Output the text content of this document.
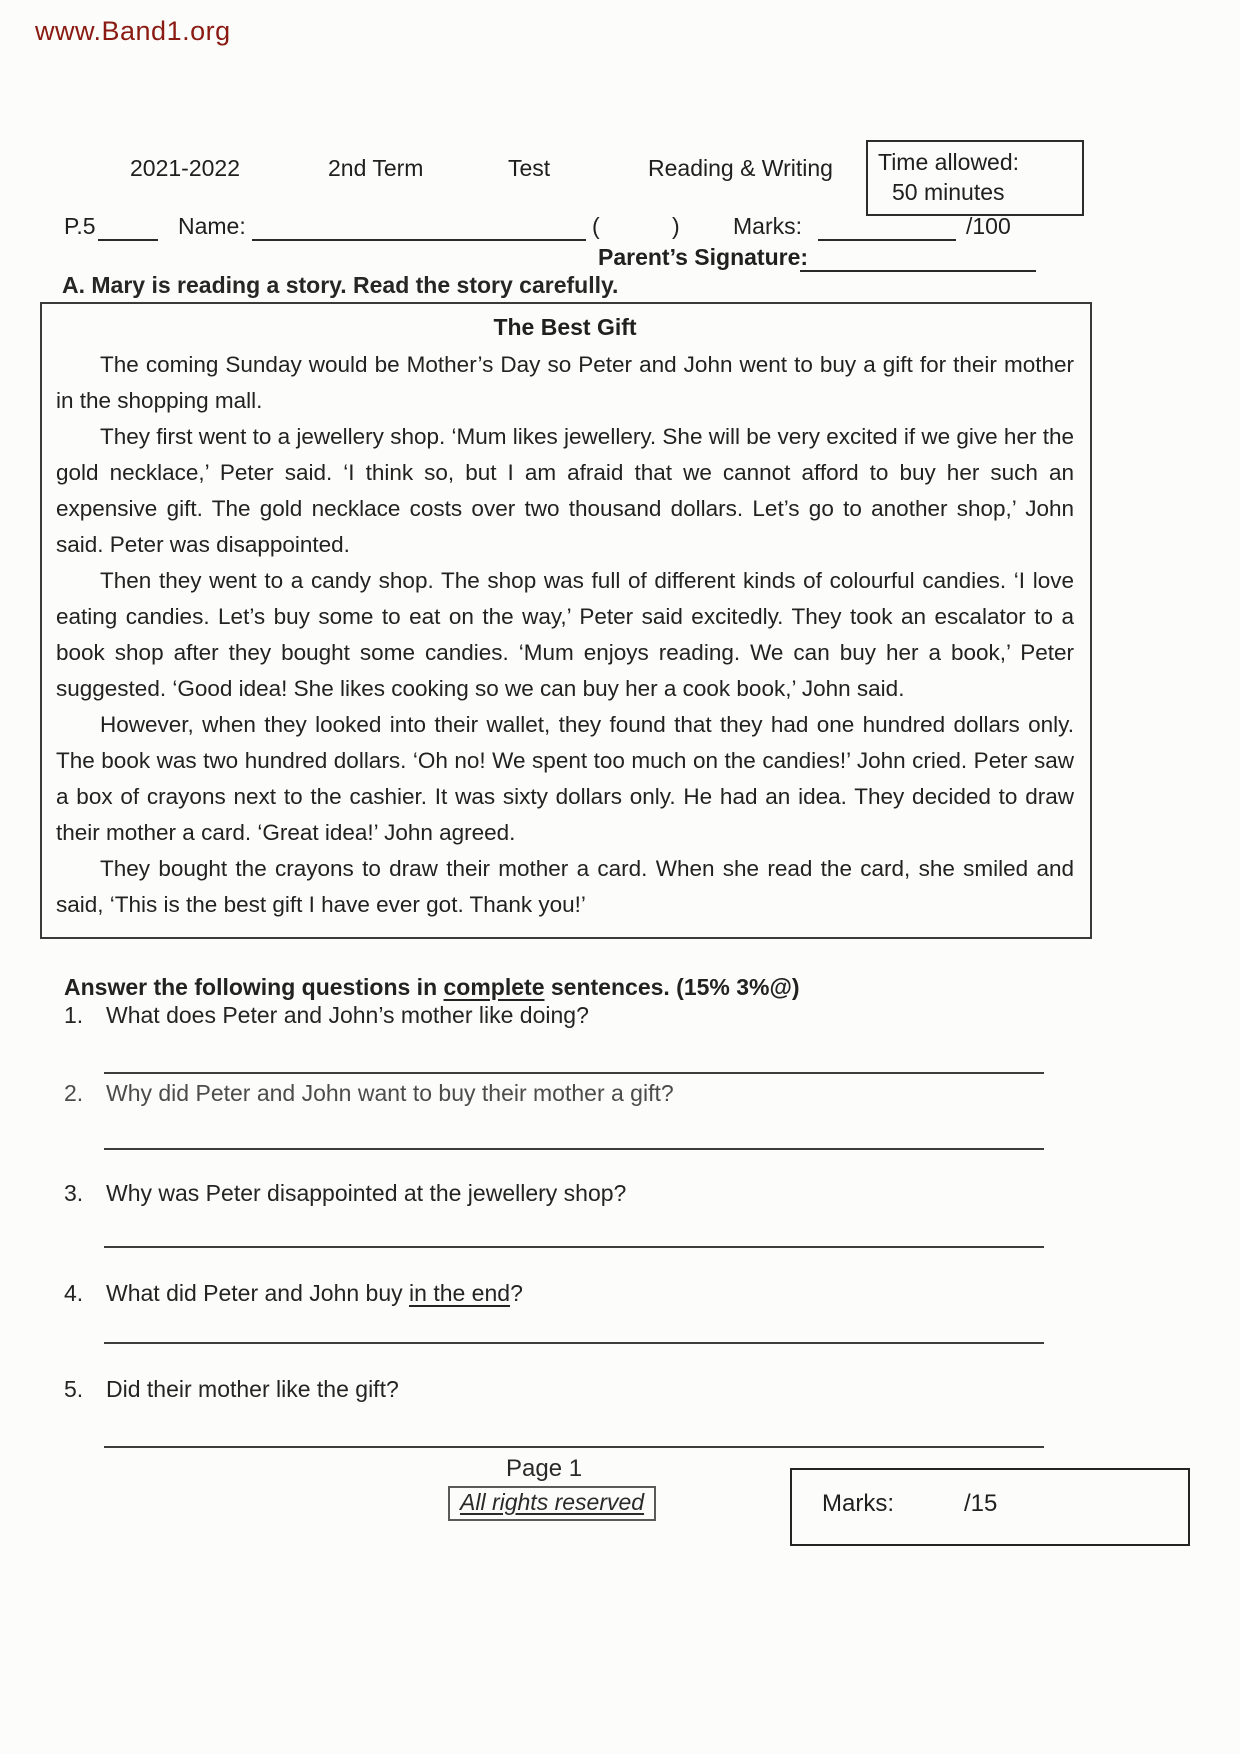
www.Band1.org
2021-2022	2nd Term	Test	Reading & Writing Time allowed:
50 minutes
P.5	Name:	(	) Marks:	/100
Parent’s Signature:
A. Mary is reading a story. Read the story carefully.
The Best Gift

The coming Sunday would be Mother’s Day so Peter and John went to buy a gift for their mother in the shopping mall.

They first went to a jewellery shop. ‘Mum likes jewellery. She will be very excited if we give her the gold necklace,’ Peter said. ‘I think so, but I am afraid that we cannot afford to buy her such an expensive gift. The gold necklace costs over two thousand dollars. Let’s go to another shop,’ John said. Peter was disappointed.

Then they went to a candy shop. The shop was full of different kinds of colourful candies. ‘I love eating candies. Let’s buy some to eat on the way,’ Peter said excitedly. They took an escalator to a book shop after they bought some candies. ‘Mum enjoys reading. We can buy her a book,’ Peter suggested. ‘Good idea! She likes cooking so we can buy her a cook book,’ John said.

However, when they looked into their wallet, they found that they had one hundred dollars only. The book was two hundred dollars. ‘Oh no! We spent too much on the candies!’ John cried. Peter saw a box of crayons next to the cashier. It was sixty dollars only. He had an idea. They decided to draw their mother a card. ‘Great idea!’ John agreed.

They bought the crayons to draw their mother a card. When she read the card, she smiled and said, ‘This is the best gift I have ever got. Thank you!’

Answer the following questions in complete sentences. (15% 3%@)
1. What does Peter and John’s mother like doing?
2. Why did Peter and John want to buy their mother a gift?
3. Why was Peter disappointed at the jewellery shop?
4. What did Peter and John buy in the end?
5. Did their mother like the gift?
Page 1
All rights reserved	Marks:	/15
